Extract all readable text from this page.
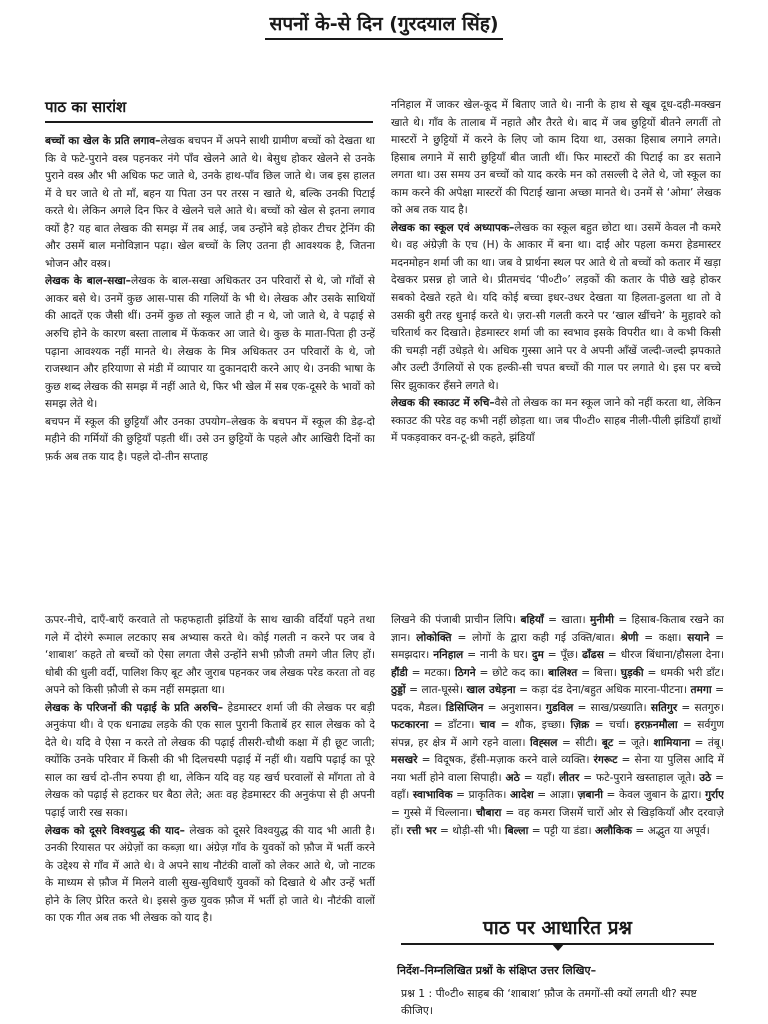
सपनों के-से दिन (गुरदयाल सिंह)
पाठ का सारांश

बच्चों का खेल के प्रति लगाव–लेखक बचपन में अपने साथी ग्रामीण बच्चों को देखता था कि वे फटे-पुराने वस्त्र पहनकर नंगे पाँव खेलने आते थे। बेसुध होकर खेलने से उनके पुराने वस्त्र और भी अधिक फट जाते थे, उनके हाथ-पाँव छिल जाते थे। जब इस हालत में वे घर जाते थे तो माँ, बहन या पिता उन पर तरस न खाते थे, बल्कि उनकी पिटाई करते थे। लेकिन अगले दिन फिर वे खेलने चले आते थे। बच्चों को खेल से इतना लगाव क्यों है? यह बात लेखक की समझ में तब आई, जब उन्होंने बड़े होकर टीचर ट्रेनिंग की और उसमें बाल मनोविज्ञान पढ़ा। खेल बच्चों के लिए उतना ही आवश्यक है, जितना भोजन और वस्त्र।

लेखक के बाल-सखा–लेखक के बाल-सखा अधिकतर उन परिवारों से थे, जो गाँवों से आकर बसे थे। उनमें कुछ आस-पास की गलियों के भी थे। लेखक और उसके साथियों की आदतें एक जैसी थीं। उनमें कुछ तो स्कूल जाते ही न थे, जो जाते थे, वे पढ़ाई से अरुचि होने के कारण बस्ता तालाब में फेंककर आ जाते थे। कुछ के माता-पिता ही उन्हें पढ़ाना आवश्यक नहीं मानते थे। लेखक के मित्र अधिकतर उन परिवारों के थे, जो राजस्थान और हरियाणा से मंडी में व्यापार या दुकानदारी करने आए थे। उनकी भाषा के कुछ शब्द लेखक की समझ में नहीं आते थे, फिर भी खेल में सब एक-दूसरे के भावों को समझ लेते थे।

बचपन में स्कूल की छुट्टियाँ और उनका उपयोग–लेखक के बचपन में स्कूल की डेढ़-दो महीने की गर्मियों की छुट्टियाँ पड़ती थीं। उसे उन छुट्टियों के पहले और आखिरी दिनों का फ़र्क अब तक याद है। पहले दो-तीन सप्ताह

ननिहाल में जाकर खेल-कूद में बिताए जाते थे। नानी के हाथ से खूब दूध-दही-मक्खन खाते थे। गाँव के तालाब में नहाते और तैरते थे। बाद में जब छुट्टियों बीतने लगतीं तो मास्टरों ने छुट्टियों में करने के लिए जो काम दिया था, उसका हिसाब लगाने लगते। हिसाब लगाने में सारी छुट्टियाँ बीत जाती थीं। फिर मास्टरों की पिटाई का डर सताने लगता था। उस समय उन बच्चों को याद करके मन को तसल्ली दे लेते थे, जो स्कूल का काम करने की अपेक्षा मास्टरों की पिटाई खाना अच्छा मानते थे। उनमें से ‘ओमा’ लेखक को अब तक याद है।

लेखक का स्कूल एवं अध्यापक–लेखक का स्कूल बहुत छोटा था। उसमें केवल नौ कमरे थे। वह अंग्रेज़ी के एच (H) के आकार में बना था। दाईं ओर पहला कमरा हेडमास्टर मदनमोहन शर्मा जी का था। जब वे प्रार्थना स्थल पर आते थे तो बच्चों को कतार में खड़ा देखकर प्रसन्न हो जाते थे। प्रीतमचंद ‘पी०टी०’ लड़कों की कतार के पीछे खड़े होकर सबको देखते रहते थे। यदि कोई बच्चा इधर-उधर देखता या हिलता-डुलता था तो वे उसकी बुरी तरह धुनाई करते थे। ज़रा-सी गलती करने पर ‘खाल खींचने’ के मुहावरे को चरितार्थ कर दिखाते। हेडमास्टर शर्मा जी का स्वभाव इसके विपरीत था। वे कभी किसी की चमड़ी नहीं उधेड़ते थे। अधिक गुस्सा आने पर वे अपनी आँखें जल्दी-जल्दी झपकाते और उल्टी उँगलियों से एक हल्की-सी चपत बच्चों की गाल पर लगाते थे। इस पर बच्चे सिर झुकाकर हँसने लगते थे।

लेखक की स्काउट में रुचि–वैसे तो लेखक का मन स्कूल जाने को नहीं करता था, लेकिन स्काउट की परेड वह कभी नहीं छोड़ता था। जब पी०टी० साहब नीली-पीली झंडियाँ हाथों में पकड़वाकर वन-टू-थ्री कहते, झंडियाँ

ऊपर-नीचे, दाएँ-बाएँ करवाते तो फहफहाती झंडियों के साथ खाकी वर्दियाँ पहने तथा गले में दोरंगे रूमाल लटकाए सब अभ्यास करते थे। कोई गलती न करने पर जब वे ‘शाबाश’ कहते तो बच्चों को ऐसा लगता जैसे उन्होंने सभी फ़ौजी तमगे जीत लिए हों। धोबी की धुली वर्दी, पालिश किए बूट और जुराब पहनकर जब लेखक परेड करता तो वह अपने को किसी फ़ौजी से कम नहीं समझता था।

लेखक के परिजनों की पढ़ाई के प्रति अरुचि– हेडमास्टर शर्मा जी की लेखक पर बड़ी अनुकंपा थी। वे एक धनाढ्य लड़के की एक साल पुरानी किताबें हर साल लेखक को दे देते थे। यदि वे ऐसा न करते तो लेखक की पढ़ाई तीसरी-चौथी कक्षा में ही छूट जाती; क्योंकि उनके परिवार में किसी की भी दिलचस्पी पढ़ाई में नहीं थी। यद्यपि पढ़ाई का पूरे साल का खर्च दो-तीन रुपया ही था, लेकिन यदि वह यह खर्च घरवालों से माँगता तो वे लेखक को पढ़ाई से हटाकर घर बैठा लेते; अतः वह हेडमास्टर की अनुकंपा से ही अपनी पढ़ाई जारी रख सका।

लेखक को दूसरे विश्वयुद्ध की याद– लेखक को दूसरे विश्वयुद्ध की याद भी आती है। उनकी रियासत पर अंग्रेज़ों का कब्ज़ा था। अंग्रेज़ गाँव के युवकों को फ़ौज में भर्ती करने के उद्देश्य से गाँव में आते थे। वे अपने साथ नौटंकी वालों को लेकर आते थे, जो नाटक के माध्यम से फ़ौज में मिलने वाली सुख-सुविधाएँ युवकों को दिखाते थे और उन्हें भर्ती होने के लिए प्रेरित करते थे। इससे कुछ युवक फ़ौज में भर्ती हो जाते थे। नौटंकी वालों का एक गीत अब तक भी लेखक को याद है।

लिखने की पंजाबी प्राचीन लिपि। बहियाँ = खाता। मुनीमी = हिसाब-किताब रखने का ज्ञान। लोकोक्ति = लोगों के द्वारा कही गई उक्ति/बात। श्रेणी = कक्षा। सयाने = समझदार। ननिहाल = नानी के घर। दुम = पूँछ। ढाँढस = धीरज बिंधाना/हौसला देना। हौंडी = मटका। ठिगने = छोटे कद का। बालिश्त = बित्ता। घुड़की = धमकी भरी डाँट। ठुड्डों = लात-घूस्से। खाल उधेड़ना = कड़ा दंड देना/बहुत अधिक मारना-पीटना। तमगा = पदक, मैडल। डिसिप्लिन = अनुशासन। गुडविल = साख/प्रख्याति। सतिगुर = सतगुरु। फटकारना = डाँटना। चाव = शौक, इच्छा। ज़िक्र = चर्चा। हरफ़नमौला = सर्वगुण संपन्न, हर क्षेत्र में आगे रहने वाला। विह्सल = सीटी। बूट = जूते। शामियाना = तंबू। मसखरे = विदूषक, हँसी-मज़ाक करने वाले व्यक्ति। रंगरूट = सेना या पुलिस आदि में नया भर्ती होने वाला सिपाही। अठे = यहाँ। लीतर = फटे-पुराने खस्ताहाल जूते। उठे = वहाँ। स्वाभाविक = प्राकृतिक। आदेश = आज्ञा। ज़बानी = केवल जुबान के द्वारा। गुर्राए = गुस्से में चिल्लाना। चौबारा = वह कमरा जिसमें चारों ओर से खिड़कियाँ और दरवाज़े हों। रत्ती भर = थोड़ी-सी भी। बिल्ला = पट्टी या डंडा। अलौकिक = अद्भुत या अपूर्व।

पाठ पर आधारित प्रश्न
निर्देश–निम्नलिखित प्रश्नों के संक्षिप्त उत्तर लिखिए–
प्रश्न 1 : पी०टी० साहब की ‘शाबाश’ फ़ौज के तमगों-सी क्यों लगती थी? स्पष्ट कीजिए।
